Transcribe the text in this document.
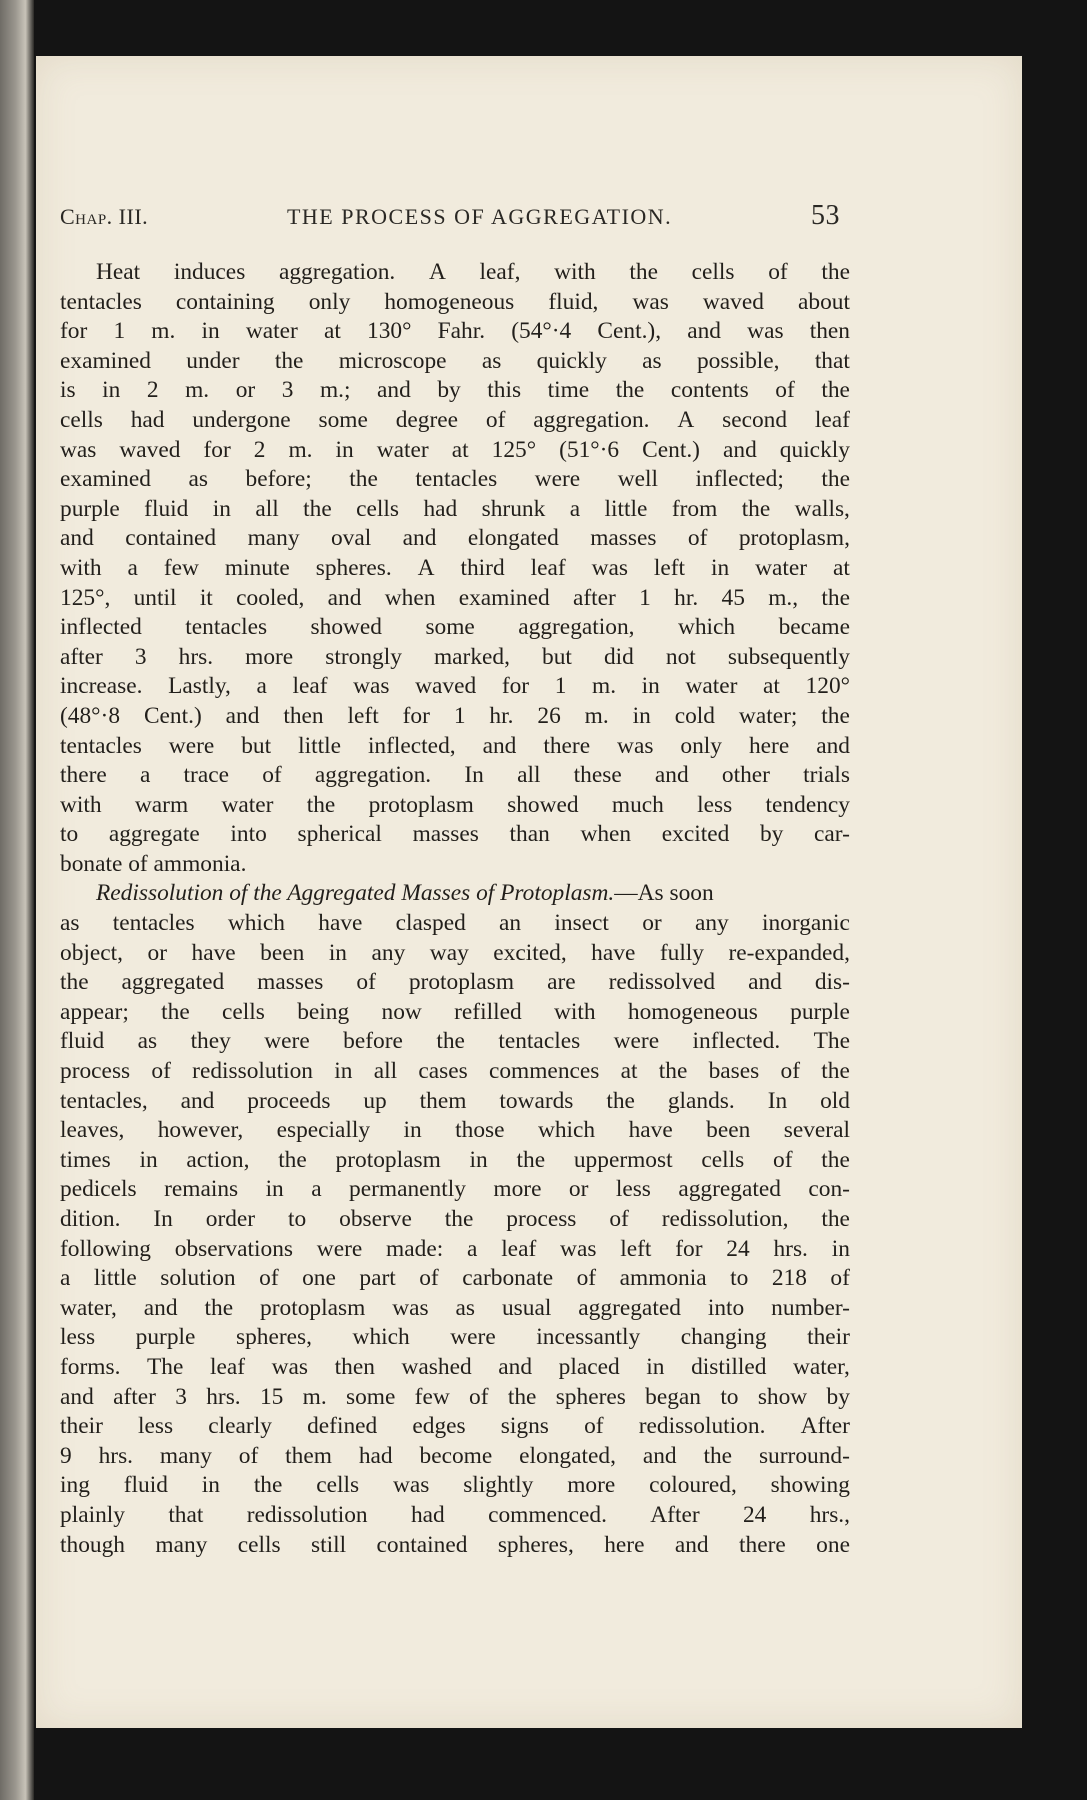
Chap. III.	THE PROCESS OF AGGREGATION.	53
Heat induces aggregation. A leaf, with the cells of the
tentacles containing only homogeneous fluid, was waved about
for 1 m. in water at 130° Fahr. (54°·4 Cent.), and was then
examined under the microscope as quickly as possible, that
is in 2 m. or 3 m.; and by this time the contents of the
cells had undergone some degree of aggregation. A second leaf
was waved for 2 m. in water at 125° (51°·6 Cent.) and quickly
examined as before; the tentacles were well inflected; the
purple fluid in all the cells had shrunk a little from the walls,
and contained many oval and elongated masses of protoplasm,
with a few minute spheres. A third leaf was left in water at
125°, until it cooled, and when examined after 1 hr. 45 m., the
inflected tentacles showed some aggregation, which became
after 3 hrs. more strongly marked, but did not subsequently
increase. Lastly, a leaf was waved for 1 m. in water at 120°
(48°·8 Cent.) and then left for 1 hr. 26 m. in cold water; the
tentacles were but little inflected, and there was only here and
there a trace of aggregation. In all these and other trials
with warm water the protoplasm showed much less tendency
to aggregate into spherical masses than when excited by car-
bonate of ammonia.
Redissolution of the Aggregated Masses of Protoplasm.—As soon
as tentacles which have clasped an insect or any inorganic
object, or have been in any way excited, have fully re-expanded,
the aggregated masses of protoplasm are redissolved and dis-
appear; the cells being now refilled with homogeneous purple
fluid as they were before the tentacles were inflected. The
process of redissolution in all cases commences at the bases of the
tentacles, and proceeds up them towards the glands. In old
leaves, however, especially in those which have been several
times in action, the protoplasm in the uppermost cells of the
pedicels remains in a permanently more or less aggregated con-
dition. In order to observe the process of redissolution, the
following observations were made: a leaf was left for 24 hrs. in
a little solution of one part of carbonate of ammonia to 218 of
water, and the protoplasm was as usual aggregated into number-
less purple spheres, which were incessantly changing their
forms. The leaf was then washed and placed in distilled water,
and after 3 hrs. 15 m. some few of the spheres began to show by
their less clearly defined edges signs of redissolution. After
9 hrs. many of them had become elongated, and the surround-
ing fluid in the cells was slightly more coloured, showing
plainly that redissolution had commenced. After 24 hrs.,
though many cells still contained spheres, here and there one
